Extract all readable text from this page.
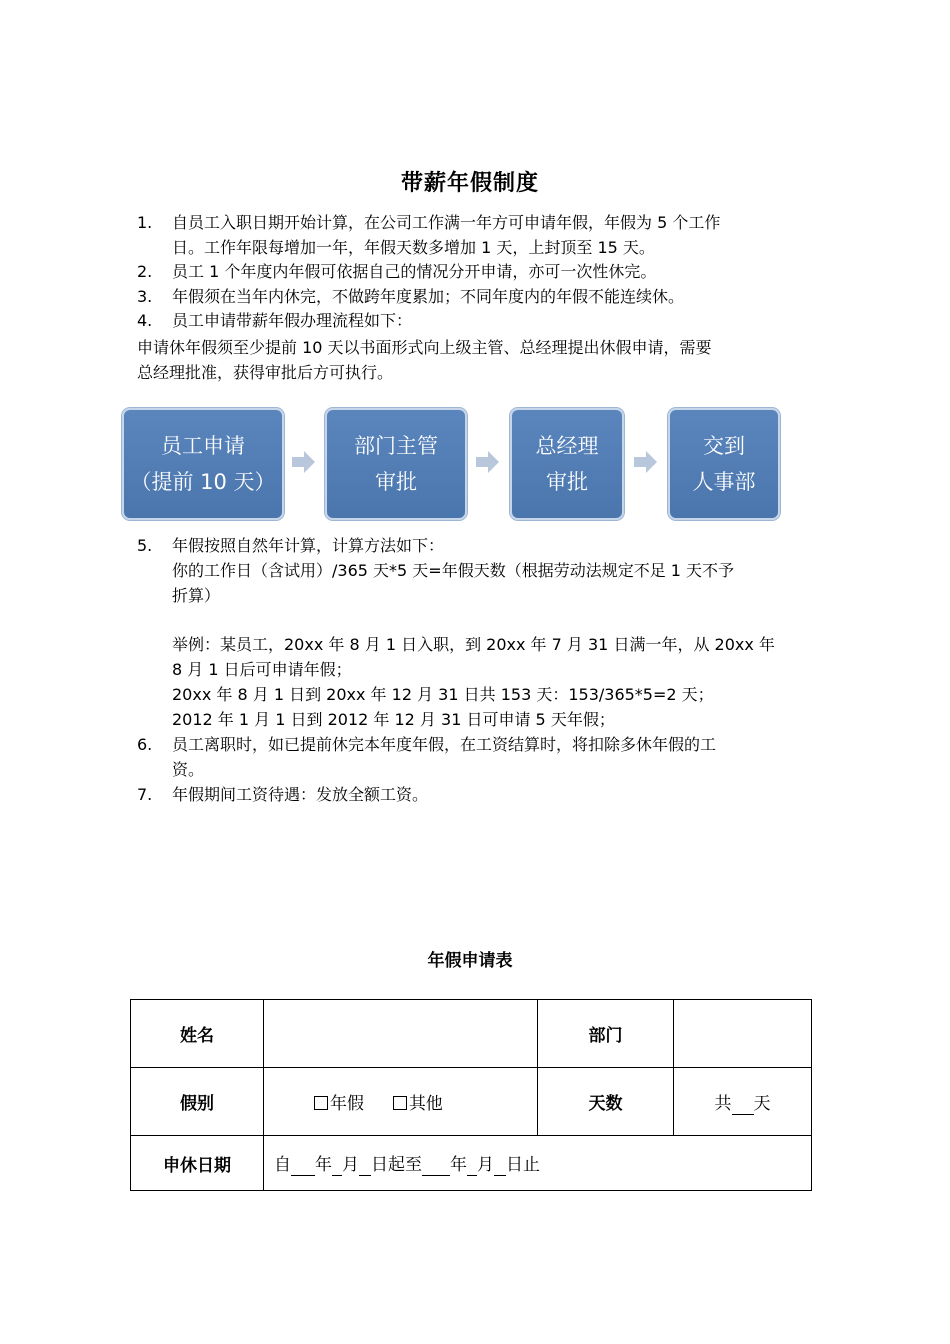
带薪年假制度
1. 自员工入职日期开始计算，在公司工作满一年方可申请年假，年假为 5 个工作
日。工作年限每增加一年，年假天数多增加 1 天，上封顶至 15 天。
2. 员工 1 个年度内年假可依据自己的情况分开申请，亦可一次性休完。
3. 年假须在当年内休完，不做跨年度累加；不同年度内的年假不能连续休。
4. 员工申请带薪年假办理流程如下：
申请休年假须至少提前 10 天以书面形式向上级主管、总经理提出休假申请，需要
总经理批准，获得审批后方可执行。
员工申请
（提前 10 天）
部门主管
审批
总经理
审批
交到
人事部
5. 年假按照自然年计算，计算方法如下：
你的工作日（含试用）/365 天*5 天=年假天数（根据劳动法规定不足 1 天不予
折算）
举例：某员工，20xx 年 8 月 1 日入职，到 20xx 年 7 月 31 日满一年，从 20xx 年
8 月 1 日后可申请年假；
20xx 年 8 月 1 日到 20xx 年 12 月 31 日共 153 天：153/365*5=2 天；
2012 年 1 月 1 日到 2012 年 12 月 31 日可申请 5 天年假；
6. 员工离职时，如已提前休完本年度年假，在工资结算时，将扣除多休年假的工
资。
7. 年假期间工资待遇：发放全额工资。
年假申请表
姓名		部门	
假别	年假 其他	天数	共 天
申休日期	自 年 月 日起至 年 月 日止		
